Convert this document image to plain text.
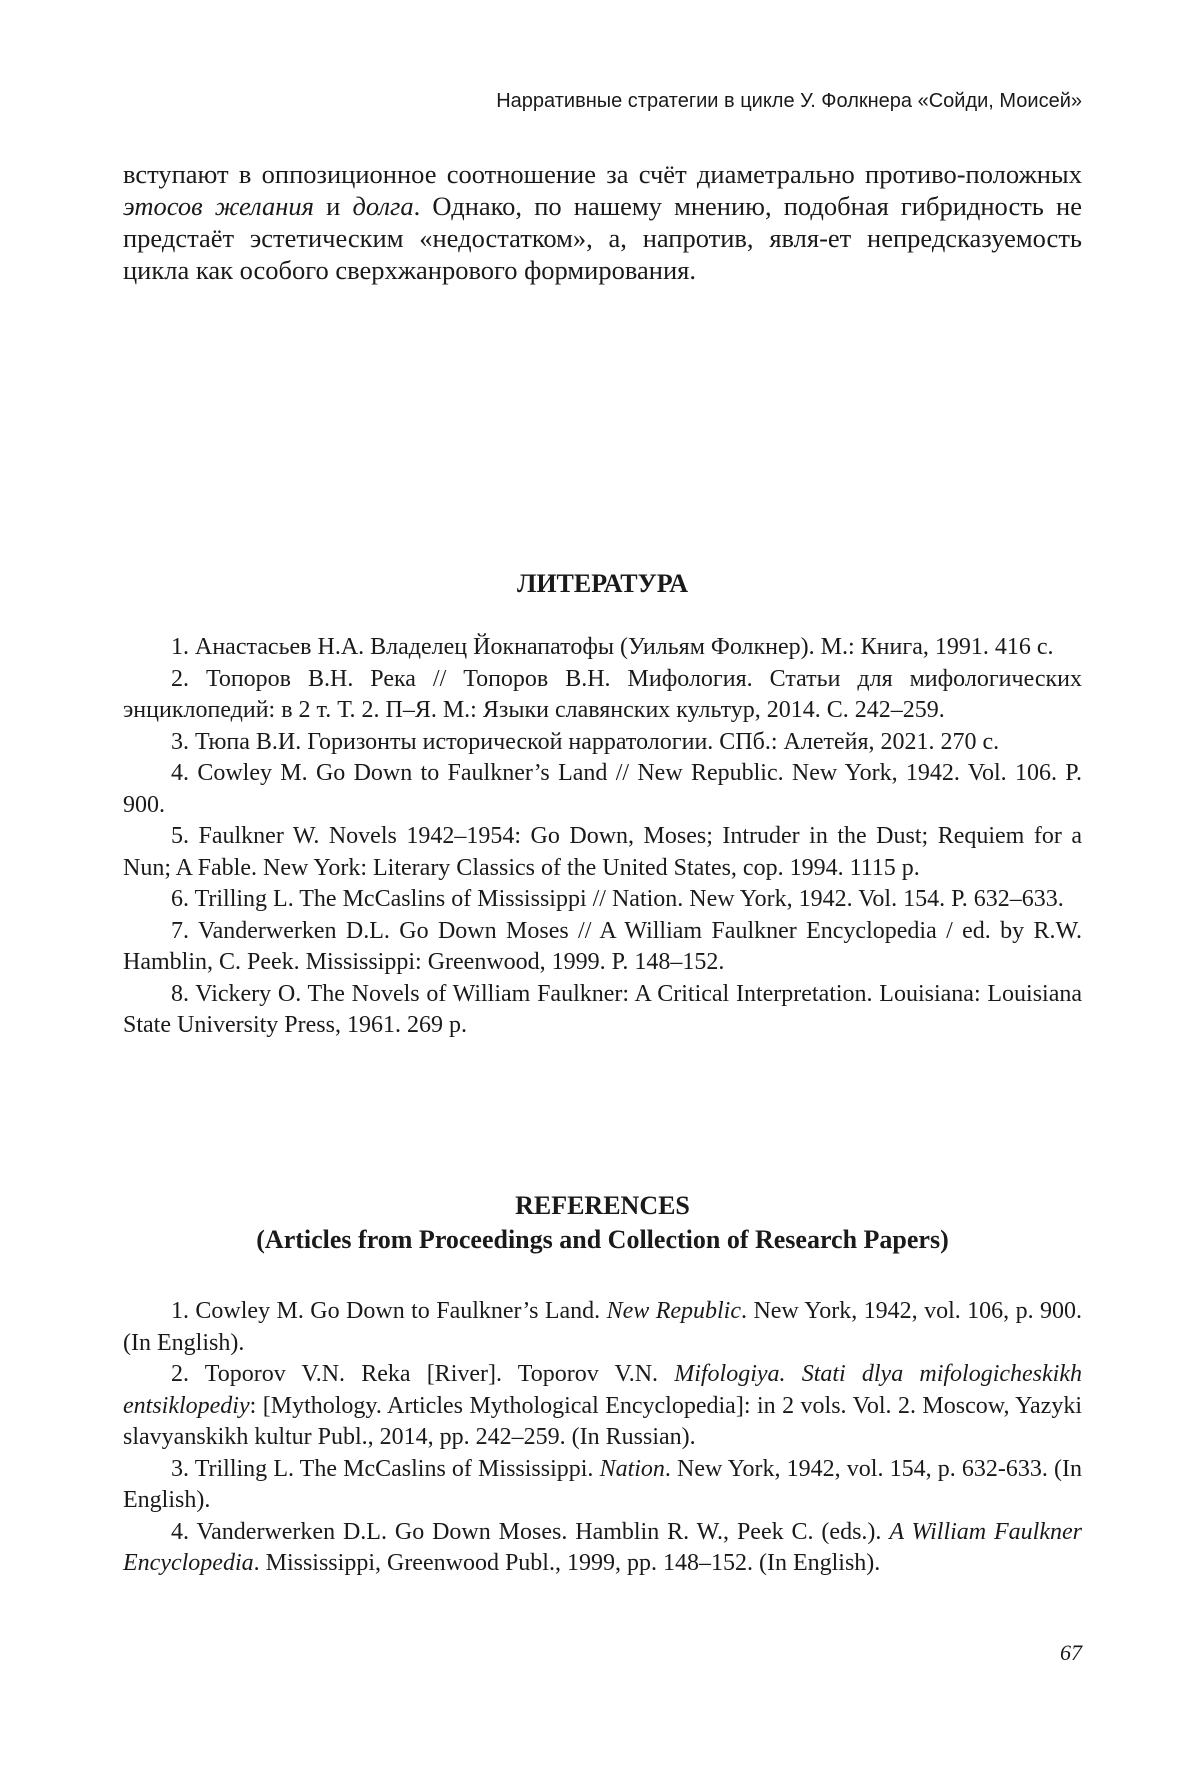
Нарративные стратегии в цикле У. Фолкнера «Сойди, Моисей»

вступают в оппозиционное соотношение за счёт диаметрально противо-положных этосов желания и долга. Однако, по нашему мнению, подобная гибридность не предстаёт эстетическим «недостатком», а, напротив, явля-ет непредсказуемость цикла как особого сверхжанрового формирования.

ЛИТЕРАТУРА
1. Анастасьев Н.А. Владелец Йокнапатофы (Уильям Фолкнер). М.: Книга, 1991. 416 с.
2. Топоров В.Н. Река // Топоров В.Н. Мифология. Статьи для мифологических энциклопедий: в 2 т. Т. 2. П–Я. М.: Языки славянских культур, 2014. С. 242–259.
3. Тюпа В.И. Горизонты исторической нарратологии. СПб.: Алетейя, 2021. 270 с.
4. Cowley M. Go Down to Faulkner’s Land // New Republic. New York, 1942. Vol. 106. P. 900.
5. Faulkner W. Novels 1942–1954: Go Down, Moses; Intruder in the Dust; Requiem for a Nun; A Fable. New York: Literary Classics of the United States, cop. 1994. 1115 p.
6. Trilling L. The McCaslins of Mississippi // Nation. New York, 1942. Vol. 154. P. 632–633.
7. Vanderwerken D.L. Go Down Moses // A William Faulkner Encyclopedia / ed. by R.W. Hamblin, C. Peek. Mississippi: Greenwood, 1999. P. 148–152.
8. Vickery O. The Novels of William Faulkner: A Critical Interpretation. Louisiana: Louisiana State University Press, 1961. 269 p.
REFERENCES
(Articles from Proceedings and Collection of Research Papers)
1. Cowley M. Go Down to Faulkner’s Land. New Republic. New York, 1942, vol. 106, p. 900. (In English).
2. Toporov V.N. Reka [River]. Toporov V.N. Mifologiya. Stati dlya mifologicheskikh entsiklopediy: [Mythology. Articles Mythological Encyclopedia]: in 2 vols. Vol. 2. Moscow, Yazyki slavyanskikh kultur Publ., 2014, pp. 242–259. (In Russian).
3. Trilling L. The McCaslins of Mississippi. Nation. New York, 1942, vol. 154, p. 632-633. (In English).
4. Vanderwerken D.L. Go Down Moses. Hamblin R. W., Peek C. (eds.). A William Faulkner Encyclopedia. Mississippi, Greenwood Publ., 1999, pp. 148–152. (In English).
67
